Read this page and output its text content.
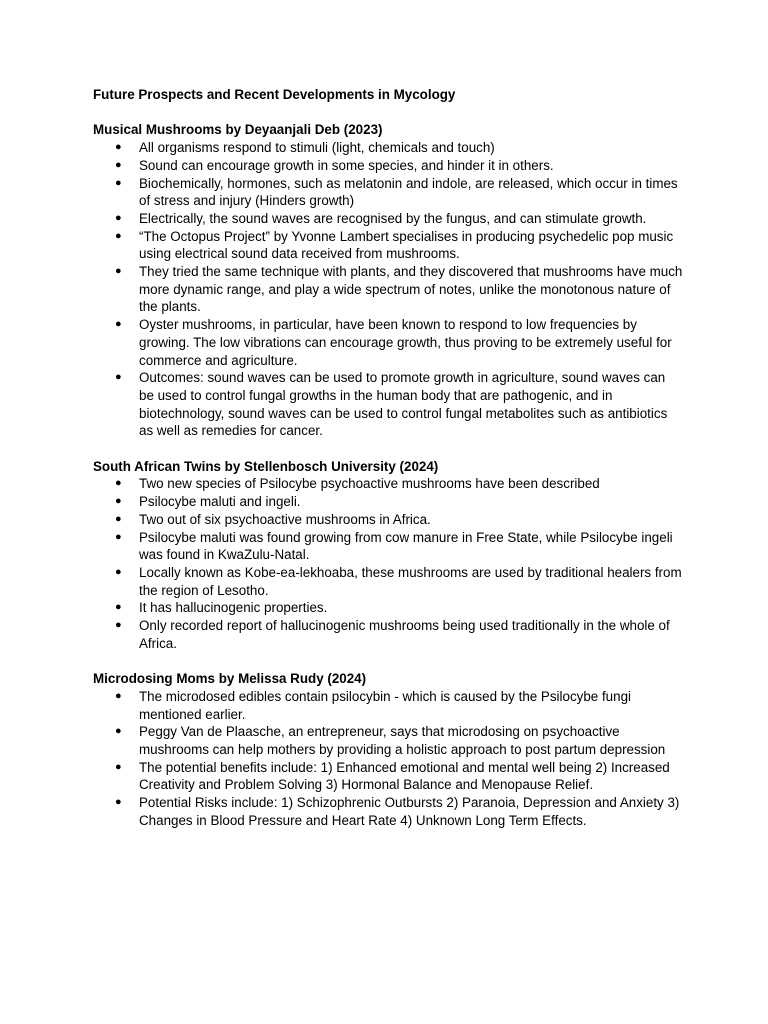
Future Prospects and Recent Developments in Mycology
Musical Mushrooms by Deyaanjali Deb (2023)
● All organisms respond to stimuli (light, chemicals and touch)
● Sound can encourage growth in some species, and hinder it in others.
● Biochemically, hormones, such as melatonin and indole, are released, which occur in times of stress and injury (Hinders growth)
● Electrically, the sound waves are recognised by the fungus, and can stimulate growth.
● “The Octopus Project” by Yvonne Lambert specialises in producing psychedelic pop music using electrical sound data received from mushrooms.
● They tried the same technique with plants, and they discovered that mushrooms have much more dynamic range, and play a wide spectrum of notes, unlike the monotonous nature of the plants.
● Oyster mushrooms, in particular, have been known to respond to low frequencies by growing. The low vibrations can encourage growth, thus proving to be extremely useful for commerce and agriculture.
● Outcomes: sound waves can be used to promote growth in agriculture, sound waves can be used to control fungal growths in the human body that are pathogenic, and in biotechnology, sound waves can be used to control fungal metabolites such as antibiotics as well as remedies for cancer.
South African Twins by Stellenbosch University (2024)
● Two new species of Psilocybe psychoactive mushrooms have been described
● Psilocybe maluti and ingeli.
● Two out of six psychoactive mushrooms in Africa.
● Psilocybe maluti was found growing from cow manure in Free State, while Psilocybe ingeli was found in KwaZulu-Natal.
● Locally known as Kobe-ea-lekhoaba, these mushrooms are used by traditional healers from the region of Lesotho.
● It has hallucinogenic properties.
● Only recorded report of hallucinogenic mushrooms being used traditionally in the whole of Africa.
Microdosing Moms by Melissa Rudy (2024)
● The microdosed edibles contain psilocybin - which is caused by the Psilocybe fungi mentioned earlier.
● Peggy Van de Plaasche, an entrepreneur, says that microdosing on psychoactive mushrooms can help mothers by providing a holistic approach to post partum depression
● The potential benefits include: 1) Enhanced emotional and mental well being 2) Increased Creativity and Problem Solving 3) Hormonal Balance and Menopause Relief.
● Potential Risks include: 1) Schizophrenic Outbursts 2) Paranoia, Depression and Anxiety 3) Changes in Blood Pressure and Heart Rate 4) Unknown Long Term Effects.
